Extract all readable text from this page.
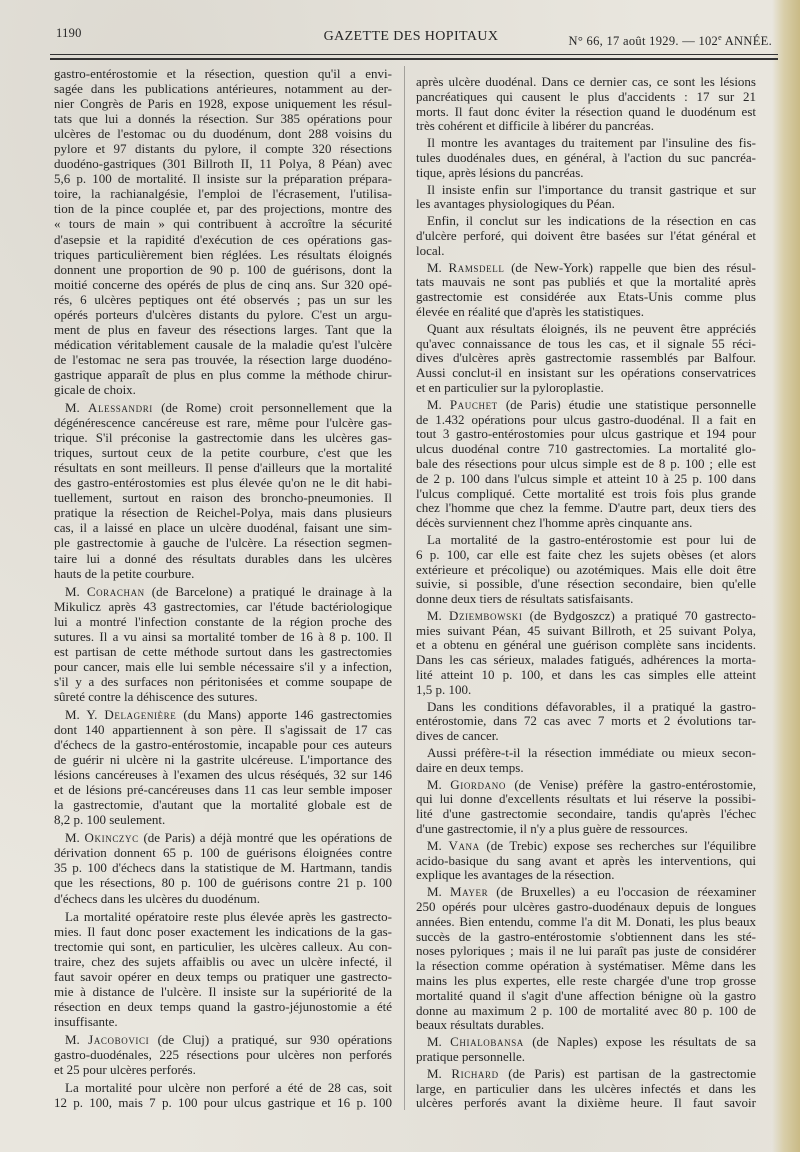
1190	GAZETTE DES HOPITAUX	N° 66, 17 août 1929. — 102e ANNÉE.
gastro-entérostomie et la résection, question qu'il a envi-
sagée dans les publications antérieures, notamment au der-
nier Congrès de Paris en 1928, expose uniquement les résul-
tats que lui a donnés la résection. Sur 385 opérations pour
ulcères de l'estomac ou du duodénum, dont 288 voisins du
pylore et 97 distants du pylore, il compte 320 résections
duodéno-gastriques (301 Billroth II, 11 Polya, 8 Péan) avec
5,6 p. 100 de mortalité. Il insiste sur la préparation prépara-
toire, la rachianalgésie, l'emploi de l'écrasement, l'utilisa-
tion de la pince couplée et, par des projections, montre des
« tours de main » qui contribuent à accroître la sécurité
d'asepsie et la rapidité d'exécution de ces opérations gas-
triques particulièrement bien réglées. Les résultats éloignés
donnent une proportion de 90 p. 100 de guérisons, dont la
moitié concerne des opérés de plus de cinq ans. Sur 320 opé-
rés, 6 ulcères peptiques ont été observés ; pas un sur les
opérés porteurs d'ulcères distants du pylore. C'est un argu-
ment de plus en faveur des résections larges. Tant que la
médication véritablement causale de la maladie qu'est l'ulcère
de l'estomac ne sera pas trouvée, la résection large duodéno-
gastrique apparaît de plus en plus comme la méthode chirur-
gicale de choix.
M. Alessandri (de Rome) croit personnellement que la
dégénérescence cancéreuse est rare, même pour l'ulcère gas-
trique. S'il préconise la gastrectomie dans les ulcères gas-
triques, surtout ceux de la petite courbure, c'est que les
résultats en sont meilleurs. Il pense d'ailleurs que la mortalité
des gastro-entérostomies est plus élevée qu'on ne le dit habi-
tuellement, surtout en raison des broncho-pneumonies. Il
pratique la résection de Reichel-Polya, mais dans plusieurs
cas, il a laissé en place un ulcère duodénal, faisant une sim-
ple gastrectomie à gauche de l'ulcère. La résection segmen-
taire lui a donné des résultats durables dans les ulcères
hauts de la petite courbure.
M. Corachan (de Barcelone) a pratiqué le drainage à la
Mikulicz après 43 gastrectomies, car l'étude bactériologique
lui a montré l'infection constante de la région proche des
sutures. Il a vu ainsi sa mortalité tomber de 16 à 8 p. 100. Il
est partisan de cette méthode surtout dans les gastrectomies
pour cancer, mais elle lui semble nécessaire s'il y a infection,
s'il y a des surfaces non péritonisées et comme soupape de
sûreté contre la déhiscence des sutures.
M. Y. Delagenière (du Mans) apporte 146 gastrectomies
dont 140 appartiennent à son père. Il s'agissait de 17 cas
d'échecs de la gastro-entérostomie, incapable pour ces auteurs
de guérir ni ulcère ni la gastrite ulcéreuse. L'importance des
lésions cancéreuses à l'examen des ulcus réséqués, 32 sur 146
et de lésions pré-cancéreuses dans 11 cas leur semble imposer
la gastrectomie, d'autant que la mortalité globale est de
8,2 p. 100 seulement.
M. Okinczyc (de Paris) a déjà montré que les opérations de
dérivation donnent 65 p. 100 de guérisons éloignées contre
35 p. 100 d'échecs dans la statistique de M. Hartmann, tandis
que les résections, 80 p. 100 de guérisons contre 21 p. 100
d'échecs dans les ulcères du duodénum.
La mortalité opératoire reste plus élevée après les gastrecto-
mies. Il faut donc poser exactement les indications de la gas-
trectomie qui sont, en particulier, les ulcères calleux. Au con-
traire, chez des sujets affaiblis ou avec un ulcère infecté, il
faut savoir opérer en deux temps ou pratiquer une gastrecto-
mie à distance de l'ulcère. Il insiste sur la supériorité de la
résection en deux temps quand la gastro-jéjunostomie a été
insuffisante.
M. Jacobovici (de Cluj) a pratiqué, sur 930 opérations
gastro-duodénales, 225 résections pour ulcères non perforés
et 25 pour ulcères perforés.
La mortalité pour ulcère non perforé a été de 28 cas, soit
12 p. 100, mais 7 p. 100 pour ulcus gastrique et 16 p. 100
après ulcère duodénal. Dans ce dernier cas, ce sont les lésions
pancréatiques qui causent le plus d'accidents : 17 sur 21
morts. Il faut donc éviter la résection quand le duodénum est
très cohérent et difficile à libérer du pancréas.
Il montre les avantages du traitement par l'insuline des fis-
tules duodénales dues, en général, à l'action du suc pancréa-
tique, après lésions du pancréas.
Il insiste enfin sur l'importance du transit gastrique et sur
les avantages physiologiques du Péan.
Enfin, il conclut sur les indications de la résection en cas
d'ulcère perforé, qui doivent être basées sur l'état général et
local.
M. Ramsdell (de New-York) rappelle que bien des résul-
tats mauvais ne sont pas publiés et que la mortalité après
gastrectomie est considérée aux Etats-Unis comme plus
élevée en réalité que d'après les statistiques.
Quant aux résultats éloignés, ils ne peuvent être appréciés
qu'avec connaissance de tous les cas, et il signale 55 réci-
dives d'ulcères après gastrectomie rassemblés par Balfour.
Aussi conclut-il en insistant sur les opérations conservatrices
et en particulier sur la pyloroplastie.
M. Pauchet (de Paris) étudie une statistique personnelle
de 1.432 opérations pour ulcus gastro-duodénal. Il a fait en
tout 3 gastro-entérostomies pour ulcus gastrique et 194 pour
ulcus duodénal contre 710 gastrectomies. La mortalité glo-
bale des résections pour ulcus simple est de 8 p. 100 ; elle est
de 2 p. 100 dans l'ulcus simple et atteint 10 à 25 p. 100 dans
l'ulcus compliqué. Cette mortalité est trois fois plus grande
chez l'homme que chez la femme. D'autre part, deux tiers des
décès surviennent chez l'homme après cinquante ans.
La mortalité de la gastro-entérostomie est pour lui de
6 p. 100, car elle est faite chez les sujets obèses (et alors
extérieure et précolique) ou azotémiques. Mais elle doit être
suivie, si possible, d'une résection secondaire, bien qu'elle
donne deux tiers de résultats satisfaisants.
M. Dziembowski (de Bydgoszcz) a pratiqué 70 gastrecto-
mies suivant Péan, 45 suivant Billroth, et 25 suivant Polya,
et a obtenu en général une guérison complète sans incidents.
Dans les cas sérieux, malades fatigués, adhérences la morta-
lité atteint 10 p. 100, et dans les cas simples elle atteint
1,5 p. 100.
Dans les conditions défavorables, il a pratiqué la gastro-
entérostomie, dans 72 cas avec 7 morts et 2 évolutions tar-
dives de cancer.
Aussi préfère-t-il la résection immédiate ou mieux secon-
daire en deux temps.
M. Giordano (de Venise) préfère la gastro-entérostomie,
qui lui donne d'excellents résultats et lui réserve la possibi-
lité d'une gastrectomie secondaire, tandis qu'après l'échec
d'une gastrectomie, il n'y a plus guère de ressources.
M. Vana (de Trebic) expose ses recherches sur l'équilibre
acido-basique du sang avant et après les interventions, qui
explique les avantages de la résection.
M. Mayer (de Bruxelles) a eu l'occasion de réexaminer
250 opérés pour ulcères gastro-duodénaux depuis de longues
années. Bien entendu, comme l'a dit M. Donati, les plus beaux
succès de la gastro-entérostomie s'obtiennent dans les sté-
noses pyloriques ; mais il ne lui paraît pas juste de considérer
la résection comme opération à systématiser. Même dans les
mains les plus expertes, elle reste chargée d'une trop grosse
mortalité quand il s'agit d'une affection bénigne où la gastro
donne au maximum 2 p. 100 de mortalité avec 80 p. 100 de
beaux résultats durables.
M. Chialobansa (de Naples) expose les résultats de sa
pratique personnelle.
M. Richard (de Paris) est partisan de la gastrectomie
large, en particulier dans les ulcères infectés et dans les
ulcères perforés avant la dixième heure. Il faut savoir
